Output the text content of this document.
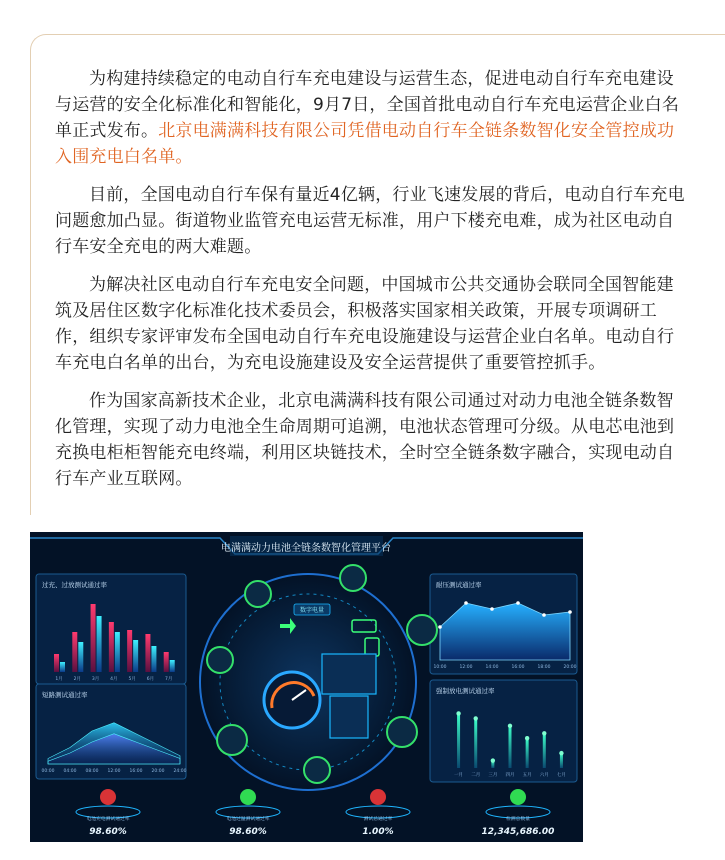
为构建持续稳定的电动自行车充电建设与运营生态，促进电动自行车充电建设与运营的安全化标准化和智能化，9月7日，全国首批电动自行车充电运营企业白名单正式发布。北京电满满科技有限公司凭借电动自行车全链条数智化安全管控成功入围充电白名单。

目前，全国电动自行车保有量近4亿辆，行业飞速发展的背后，电动自行车充电问题愈加凸显。街道物业监管充电运营无标准，用户下楼充电难，成为社区电动自行车安全充电的两大难题。

为解决社区电动自行车充电安全问题，中国城市公共交通协会联同全国智能建筑及居住区数字化标准化技术委员会，积极落实国家相关政策，开展专项调研工作，组织专家评审发布全国电动自行车充电设施建设与运营企业白名单。电动自行车充电白名单的出台，为充电设施建设及安全运营提供了重要管控抓手。

作为国家高新技术企业，北京电满满科技有限公司通过对动力电池全链条数智化管理，实现了动力电池全生命周期可追溯，电池状态管理可分级。从电芯电池到充换电柜柜智能充电终端，利用区块链技术，全时空全链条数字融合，实现电动自行车产业互联网。

电满满动力电池全链条数智化管理平台
过充、过放测试通过率
1月 2月 3月 4月 5月 6月 7月
短路测试通过率
00:00 04:00 08:00 12:00 16:00 20:00 24:00
耐压测试通过率
10:00	12:00	14:00	16:00	18:00	20:00
强制放电测试通过率
一月 二月 三月 四月 五月 六月 七月
数字电量
电池充电测试通过率
98.60%
电池过温测试通过率
98.60%
测试总通过率
1.00%
检测总数量
12,345,686.00
